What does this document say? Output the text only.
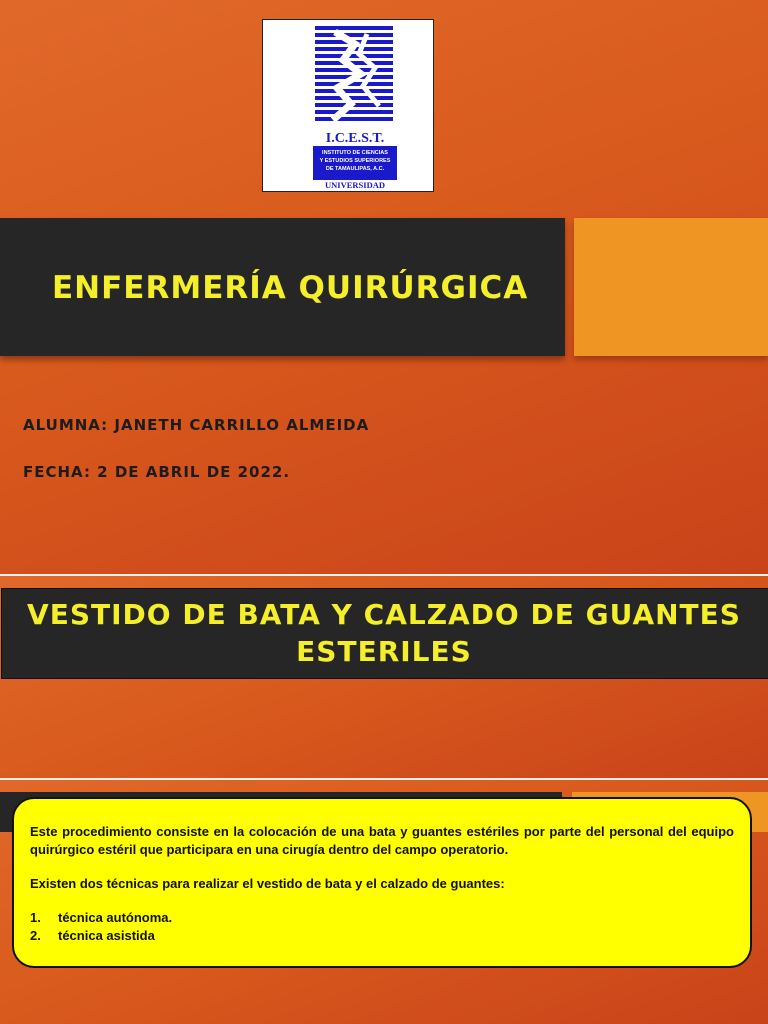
I.C.E.S.T.
INSTITUTO DE CIENCIAS
Y ESTUDIOS SUPERIORES
DE TAMAULIPAS, A.C.
UNIVERSIDAD
ENFERMERÍA QUIRÚRGICA
ALUMNA: JANETH CARRILLO ALMEIDA
FECHA: 2 DE ABRIL DE 2022.
VESTIDO DE BATA Y CALZADO DE GUANTES
ESTERILES

Este procedimiento consiste en la colocación de una bata y guantes estériles por parte del personal del equipo quirúrgico estéril que participara en una cirugía dentro del campo operatorio.

Existen dos técnicas para realizar el vestido de bata y el calzado de guantes:

1.	técnica autónoma.
2.	técnica asistida
